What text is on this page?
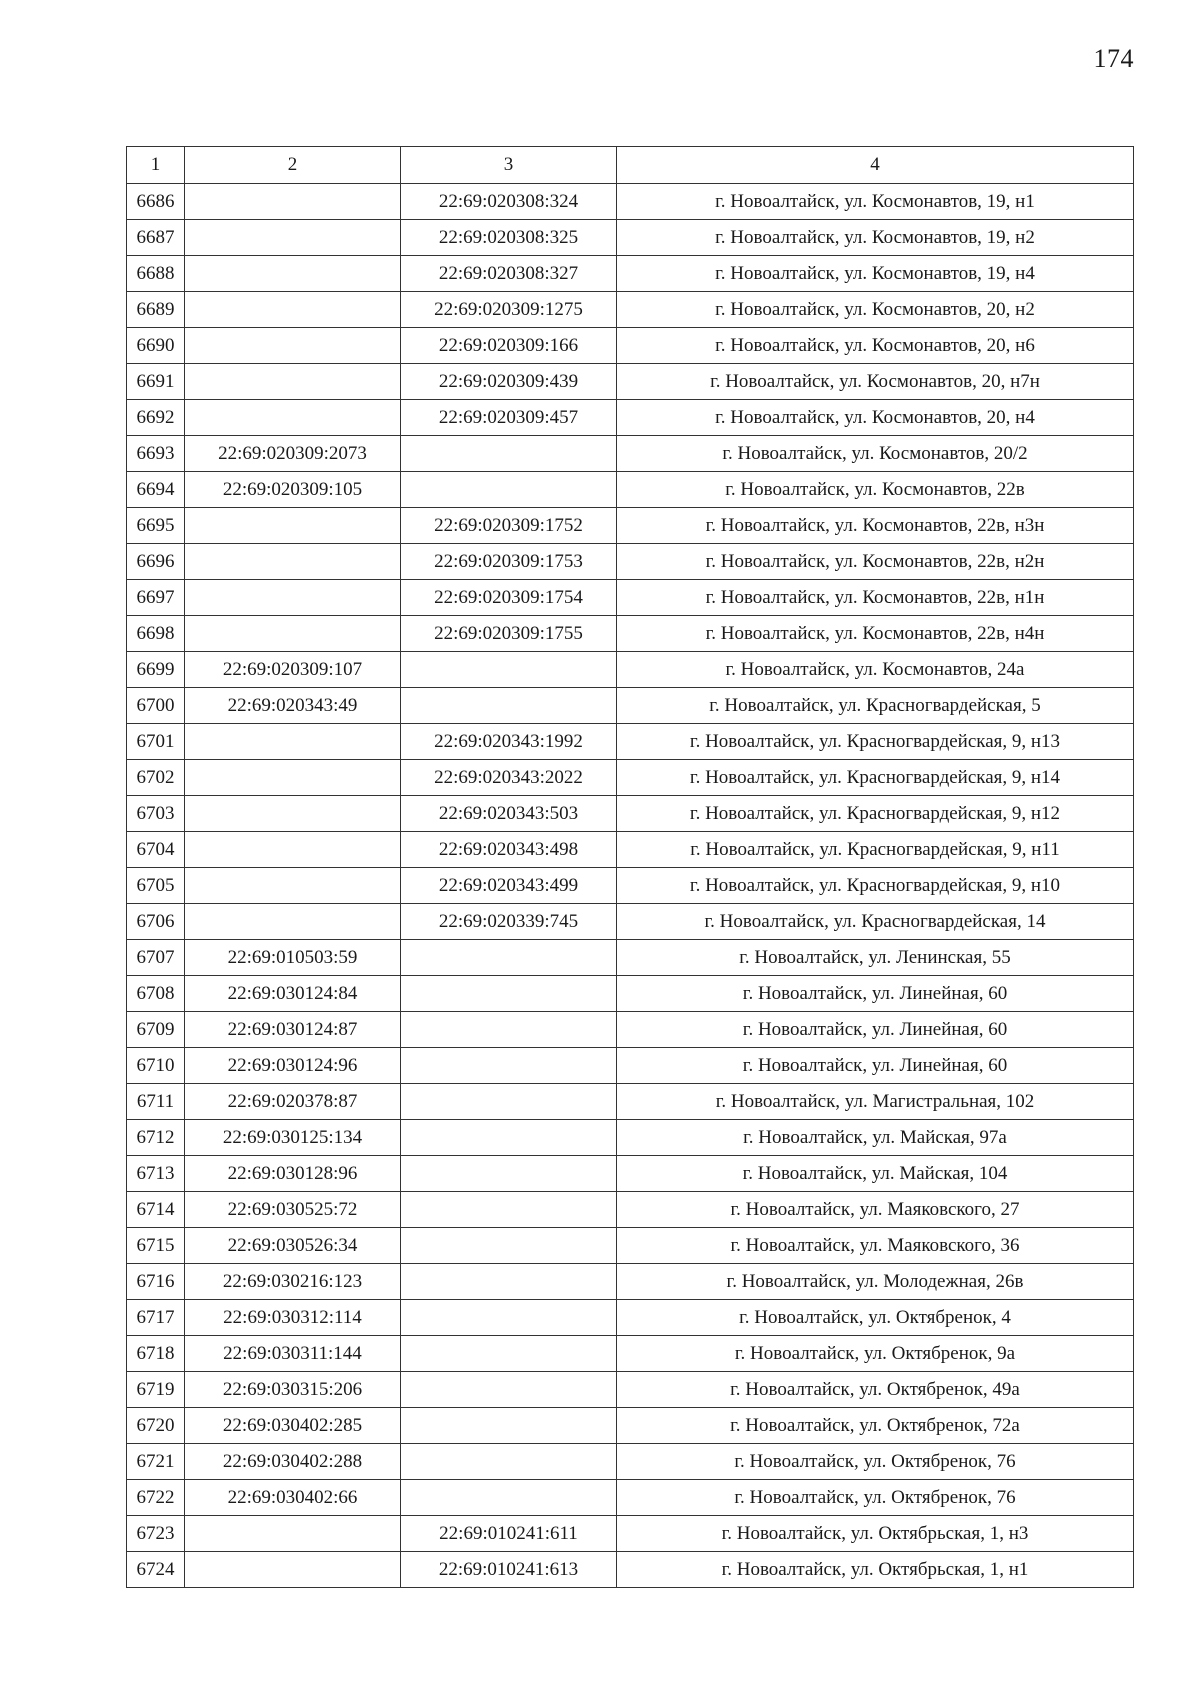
174
1	2	3	4
6686		22:69:020308:324	г. Новоалтайск, ул. Космонавтов, 19, н1
6687		22:69:020308:325	г. Новоалтайск, ул. Космонавтов, 19, н2
6688		22:69:020308:327	г. Новоалтайск, ул. Космонавтов, 19, н4
6689		22:69:020309:1275	г. Новоалтайск, ул. Космонавтов, 20, н2
6690		22:69:020309:166	г. Новоалтайск, ул. Космонавтов, 20, н6
6691		22:69:020309:439	г. Новоалтайск, ул. Космонавтов, 20, н7н
6692		22:69:020309:457	г. Новоалтайск, ул. Космонавтов, 20, н4
6693	22:69:020309:2073		г. Новоалтайск, ул. Космонавтов, 20/2
6694	22:69:020309:105		г. Новоалтайск, ул. Космонавтов, 22в
6695		22:69:020309:1752	г. Новоалтайск, ул. Космонавтов, 22в, н3н
6696		22:69:020309:1753	г. Новоалтайск, ул. Космонавтов, 22в, н2н
6697		22:69:020309:1754	г. Новоалтайск, ул. Космонавтов, 22в, н1н
6698		22:69:020309:1755	г. Новоалтайск, ул. Космонавтов, 22в, н4н
6699	22:69:020309:107		г. Новоалтайск, ул. Космонавтов, 24а
6700	22:69:020343:49		г. Новоалтайск, ул. Красногвардейская, 5
6701		22:69:020343:1992	г. Новоалтайск, ул. Красногвардейская, 9, н13
6702		22:69:020343:2022	г. Новоалтайск, ул. Красногвардейская, 9, н14
6703		22:69:020343:503	г. Новоалтайск, ул. Красногвардейская, 9, н12
6704		22:69:020343:498	г. Новоалтайск, ул. Красногвардейская, 9, н11
6705		22:69:020343:499	г. Новоалтайск, ул. Красногвардейская, 9, н10
6706		22:69:020339:745	г. Новоалтайск, ул. Красногвардейская, 14
6707	22:69:010503:59		г. Новоалтайск, ул. Ленинская, 55
6708	22:69:030124:84		г. Новоалтайск, ул. Линейная, 60
6709	22:69:030124:87		г. Новоалтайск, ул. Линейная, 60
6710	22:69:030124:96		г. Новоалтайск, ул. Линейная, 60
6711	22:69:020378:87		г. Новоалтайск, ул. Магистральная, 102
6712	22:69:030125:134		г. Новоалтайск, ул. Майская, 97а
6713	22:69:030128:96		г. Новоалтайск, ул. Майская, 104
6714	22:69:030525:72		г. Новоалтайск, ул. Маяковского, 27
6715	22:69:030526:34		г. Новоалтайск, ул. Маяковского, 36
6716	22:69:030216:123		г. Новоалтайск, ул. Молодежная, 26в
6717	22:69:030312:114		г. Новоалтайск, ул. Октябренок, 4
6718	22:69:030311:144		г. Новоалтайск, ул. Октябренок, 9а
6719	22:69:030315:206		г. Новоалтайск, ул. Октябренок, 49а
6720	22:69:030402:285		г. Новоалтайск, ул. Октябренок, 72а
6721	22:69:030402:288		г. Новоалтайск, ул. Октябренок, 76
6722	22:69:030402:66		г. Новоалтайск, ул. Октябренок, 76
6723		22:69:010241:611	г. Новоалтайск, ул. Октябрьская, 1, н3
6724		22:69:010241:613	г. Новоалтайск, ул. Октябрьская, 1, н1
